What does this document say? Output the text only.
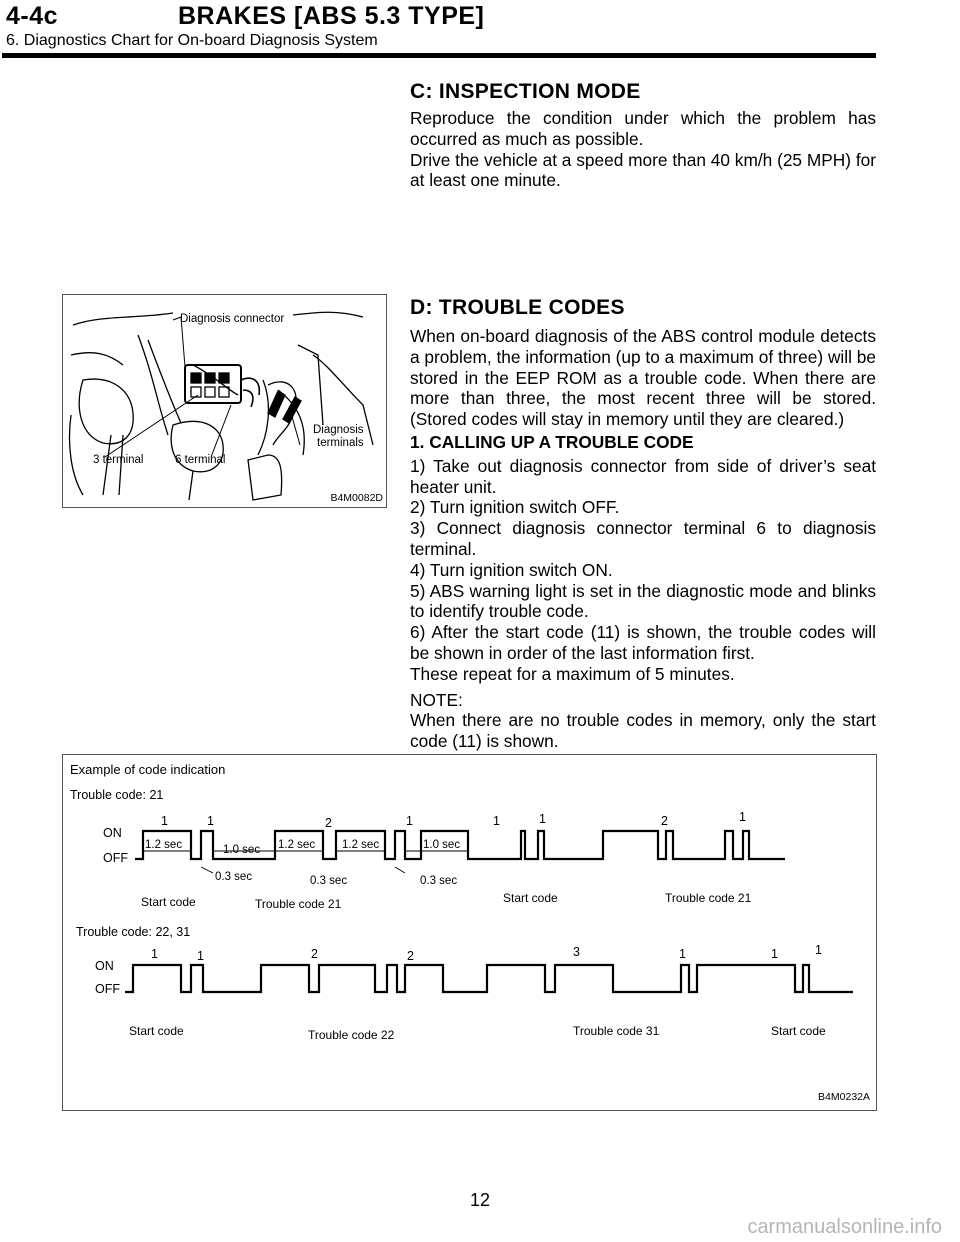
4-4c	BRAKES [ABS 5.3 TYPE]
6. Diagnostics Chart for On-board Diagnosis System
C: INSPECTION MODE

Reproduce the condition under which the problem has occurred as much as possible.

Drive the vehicle at a speed more than 40 km/h (25 MPH) for at least one minute.

Diagnosis connector
Diagnosis
terminals
3 terminal	6 terminal
B4M0082D
D: TROUBLE CODES

When on-board diagnosis of the ABS control module detects a problem, the information (up to a maximum of three) will be stored in the EEP ROM as a trouble code. When there are more than three, the most recent three will be stored. (Stored codes will stay in memory until they are cleared.)

1. CALLING UP A TROUBLE CODE

1) Take out diagnosis connector from side of driver’s seat heater unit.

2) Turn ignition switch OFF.

3) Connect diagnosis connector terminal 6 to diagnosis terminal.

4) Turn ignition switch ON.

5) ABS warning light is set in the diagnostic mode and blinks to identify trouble code.

6) After the start code (11) is shown, the trouble codes will be shown in order of the last information first.

These repeat for a maximum of 5 minutes.

NOTE:

When there are no trouble codes in memory, only the start code (11) is shown.

Example of code indication
Trouble code: 21
ON
OFF
1	1	2	1	1	1	2	1
1.2 sec	1.0 sec 1.2 sec 1.2 sec	1.0 sec
0.3 sec	0.3 sec	0.3 sec
Start code	Trouble code 21	Start code	Trouble code 21
Trouble code: 22, 31
ON
OFF
1	1	2	2	3	1	1	1
Start code	Trouble code 22	Trouble code 31	Start code
B4M0232A
12
carmanualsonline.info
